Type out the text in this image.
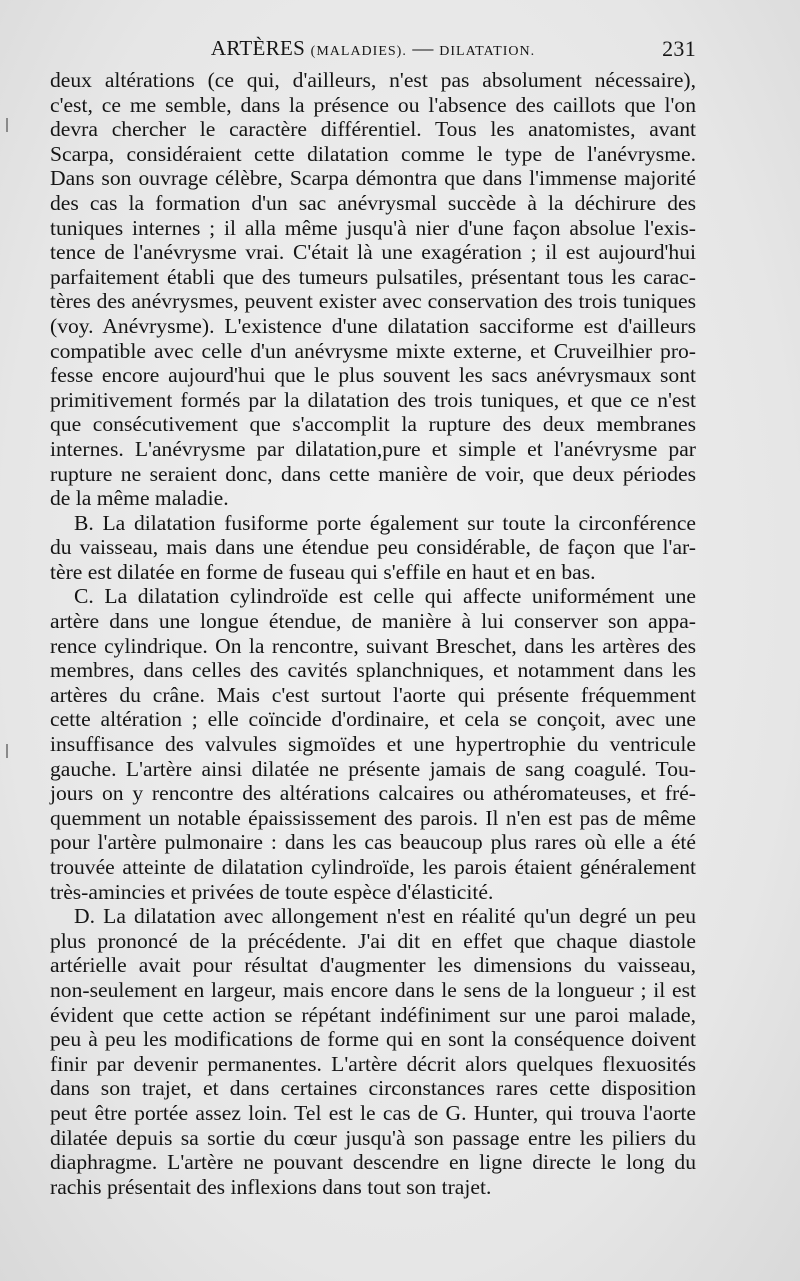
ARTÈRES (MALADIES). — DILATATION.	231
deux altérations (ce qui, d'ailleurs, n'est pas absolument nécessaire),
c'est, ce me semble, dans la présence ou l'absence des caillots que l'on
devra chercher le caractère différentiel. Tous les anatomistes, avant
Scarpa, considéraient cette dilatation comme le type de l'anévrysme.
Dans son ouvrage célèbre, Scarpa démontra que dans l'immense majorité
des cas la formation d'un sac anévrysmal succède à la déchirure des
tuniques internes ; il alla même jusqu'à nier d'une façon absolue l'exis-
tence de l'anévrysme vrai. C'était là une exagération ; il est aujourd'hui
parfaitement établi que des tumeurs pulsatiles, présentant tous les carac-
tères des anévrysmes, peuvent exister avec conservation des trois tuniques
(voy. Anévrysme). L'existence d'une dilatation sacciforme est d'ailleurs
compatible avec celle d'un anévrysme mixte externe, et Cruveilhier pro-
fesse encore aujourd'hui que le plus souvent les sacs anévrysmaux sont
primitivement formés par la dilatation des trois tuniques, et que ce n'est
que consécutivement que s'accomplit la rupture des deux membranes
internes. L'anévrysme par dilatation,pure et simple et l'anévrysme par
rupture ne seraient donc, dans cette manière de voir, que deux périodes
de la même maladie.
B. La dilatation fusiforme porte également sur toute la circonférence
du vaisseau, mais dans une étendue peu considérable, de façon que l'ar-
tère est dilatée en forme de fuseau qui s'effile en haut et en bas.
C. La dilatation cylindroïde est celle qui affecte uniformément une
artère dans une longue étendue, de manière à lui conserver son appa-
rence cylindrique. On la rencontre, suivant Breschet, dans les artères des
membres, dans celles des cavités splanchniques, et notamment dans les
artères du crâne. Mais c'est surtout l'aorte qui présente fréquemment
cette altération ; elle coïncide d'ordinaire, et cela se conçoit, avec une
insuffisance des valvules sigmoïdes et une hypertrophie du ventricule
gauche. L'artère ainsi dilatée ne présente jamais de sang coagulé. Tou-
jours on y rencontre des altérations calcaires ou athéromateuses, et fré-
quemment un notable épaississement des parois. Il n'en est pas de même
pour l'artère pulmonaire : dans les cas beaucoup plus rares où elle a été
trouvée atteinte de dilatation cylindroïde, les parois étaient généralement
très-amincies et privées de toute espèce d'élasticité.
D. La dilatation avec allongement n'est en réalité qu'un degré un peu
plus prononcé de la précédente. J'ai dit en effet que chaque diastole
artérielle avait pour résultat d'augmenter les dimensions du vaisseau,
non-seulement en largeur, mais encore dans le sens de la longueur ; il est
évident que cette action se répétant indéfiniment sur une paroi malade,
peu à peu les modifications de forme qui en sont la conséquence doivent
finir par devenir permanentes. L'artère décrit alors quelques flexuosités
dans son trajet, et dans certaines circonstances rares cette disposition
peut être portée assez loin. Tel est le cas de G. Hunter, qui trouva l'aorte
dilatée depuis sa sortie du cœur jusqu'à son passage entre les piliers du
diaphragme. L'artère ne pouvant descendre en ligne directe le long du
rachis présentait des inflexions dans tout son trajet.
